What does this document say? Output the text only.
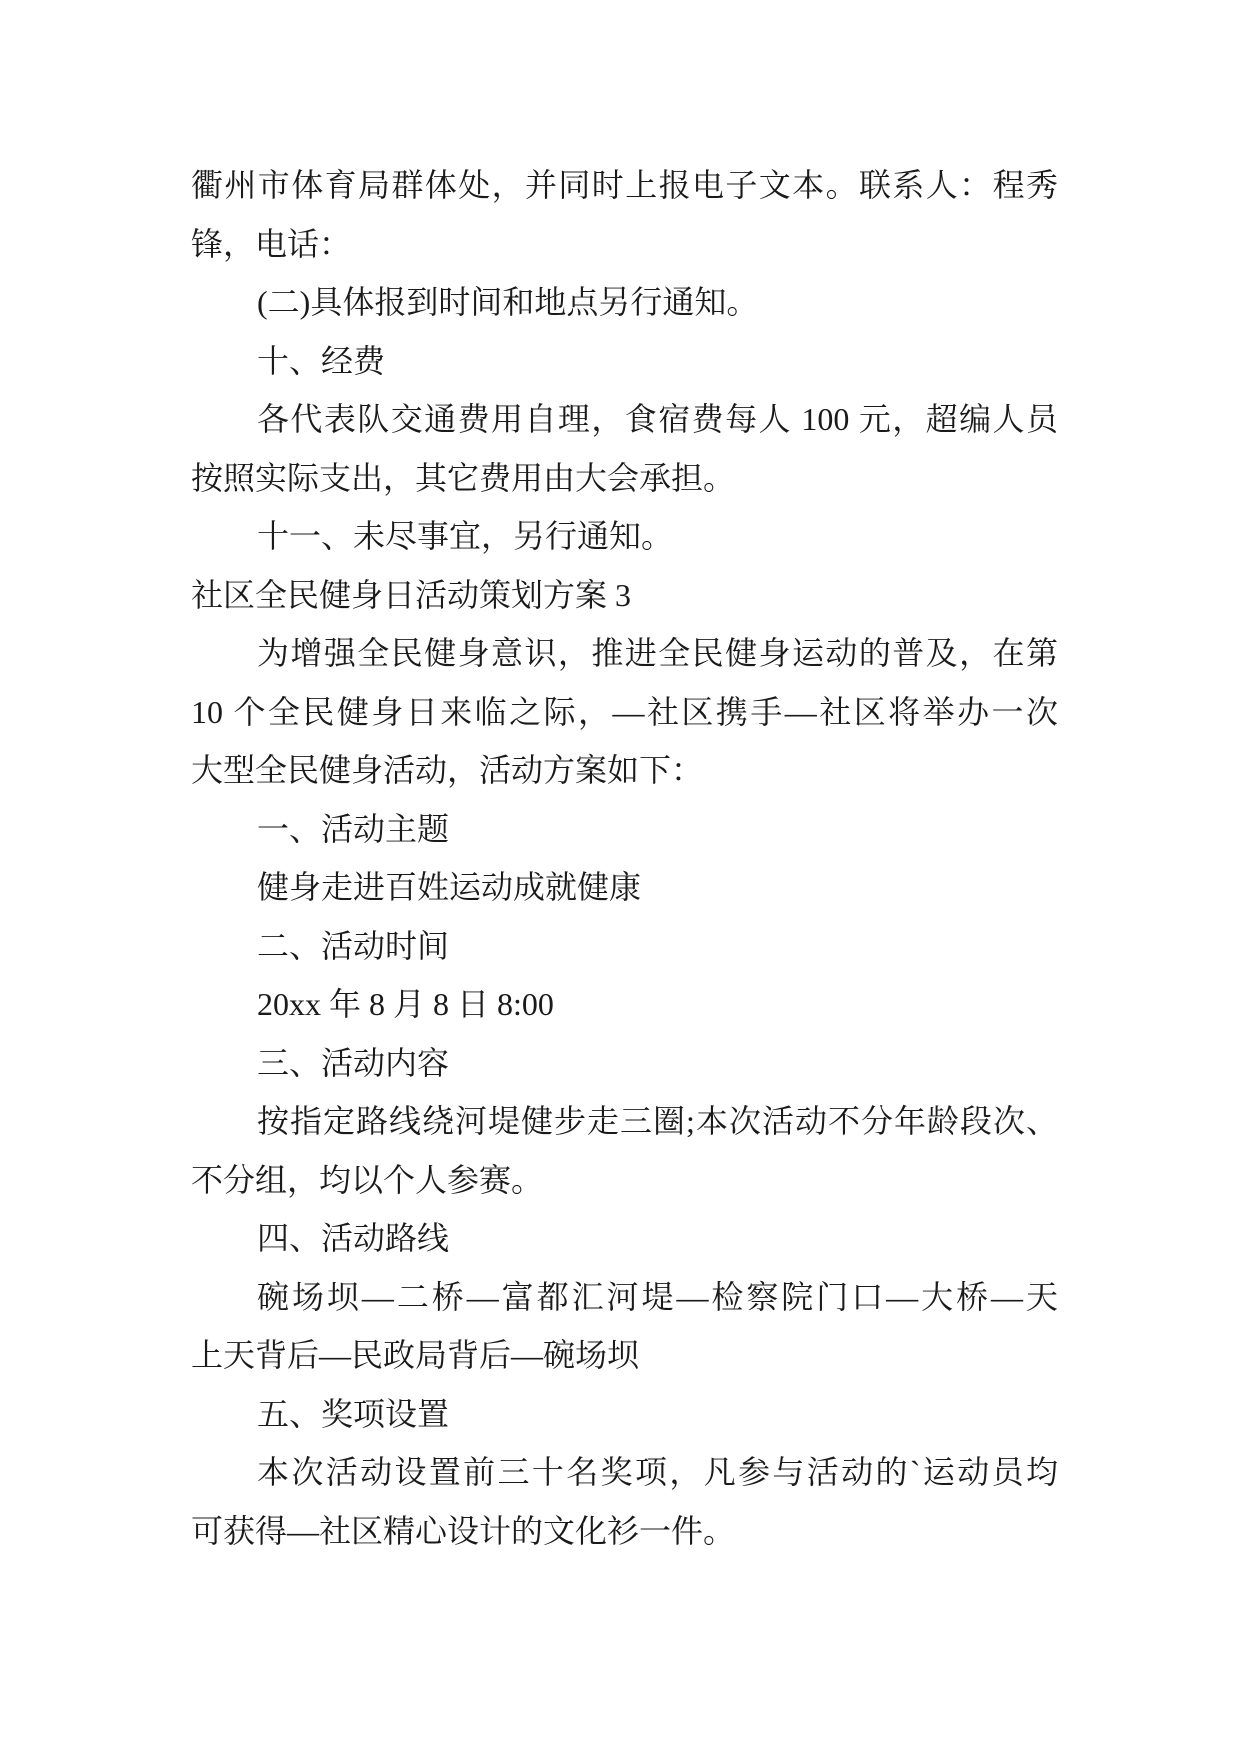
衢州市体育局群体处，并同时上报电子文本。联系人：程秀
锋，电话：
(二)具体报到时间和地点另行通知。
十、经费
各代表队交通费用自理，食宿费每人 100 元，超编人员
按照实际支出，其它费用由大会承担。
十一、未尽事宜，另行通知。
社区全民健身日活动策划方案 3
为增强全民健身意识，推进全民健身运动的普及，在第
10 个全民健身日来临之际，—社区携手—社区将举办一次
大型全民健身活动，活动方案如下：
一、活动主题
健身走进百姓运动成就健康
二、活动时间
20xx 年 8 月 8 日 8:00
三、活动内容
按指定路线绕河堤健步走三圈;本次活动不分年龄段次、
不分组，均以个人参赛。
四、活动路线
碗场坝—二桥—富都汇河堤—检察院门口—大桥—天
上天背后—民政局背后—碗场坝
五、奖项设置
本次活动设置前三十名奖项，凡参与活动的`运动员均
可获得—社区精心设计的文化衫一件。
